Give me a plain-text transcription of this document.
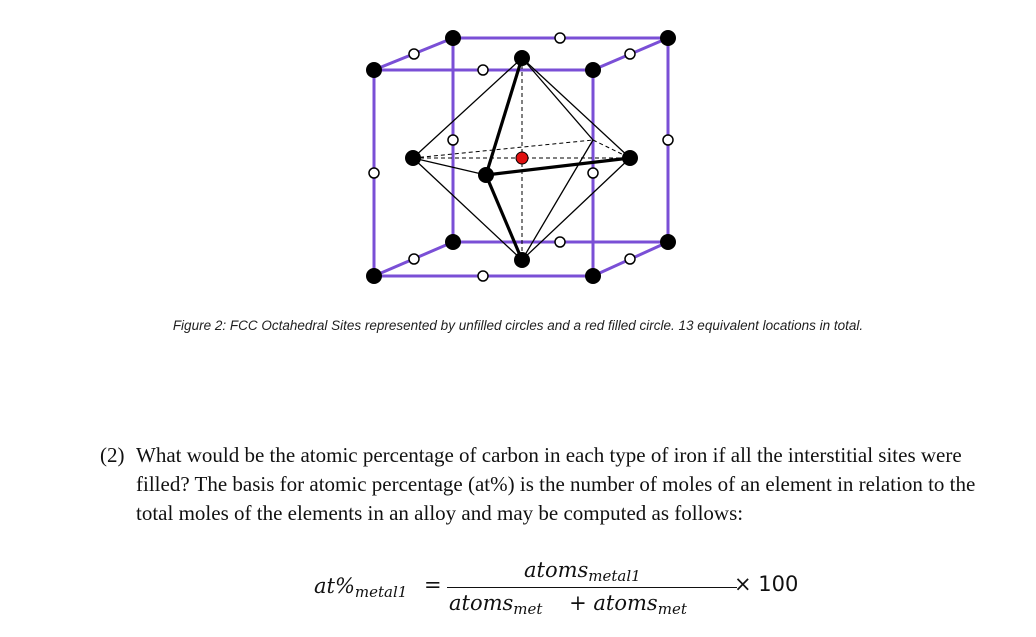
Figure 2: FCC Octahedral Sites represented by unfilled circles and a red filled circle. 13 equivalent locations in total.
(2) What would be the atomic percentage of carbon in each type of iron if all the interstitial sites were filled? The basis for atomic percentage (at%) is the number of moles of an element in relation to the total moles of the elements in an alloy and may be computed as follows:
$at\%_{metal1}$ =
atoms$_{metal1}$
atoms$_{met}$ + atoms$_{met}$
× 100
